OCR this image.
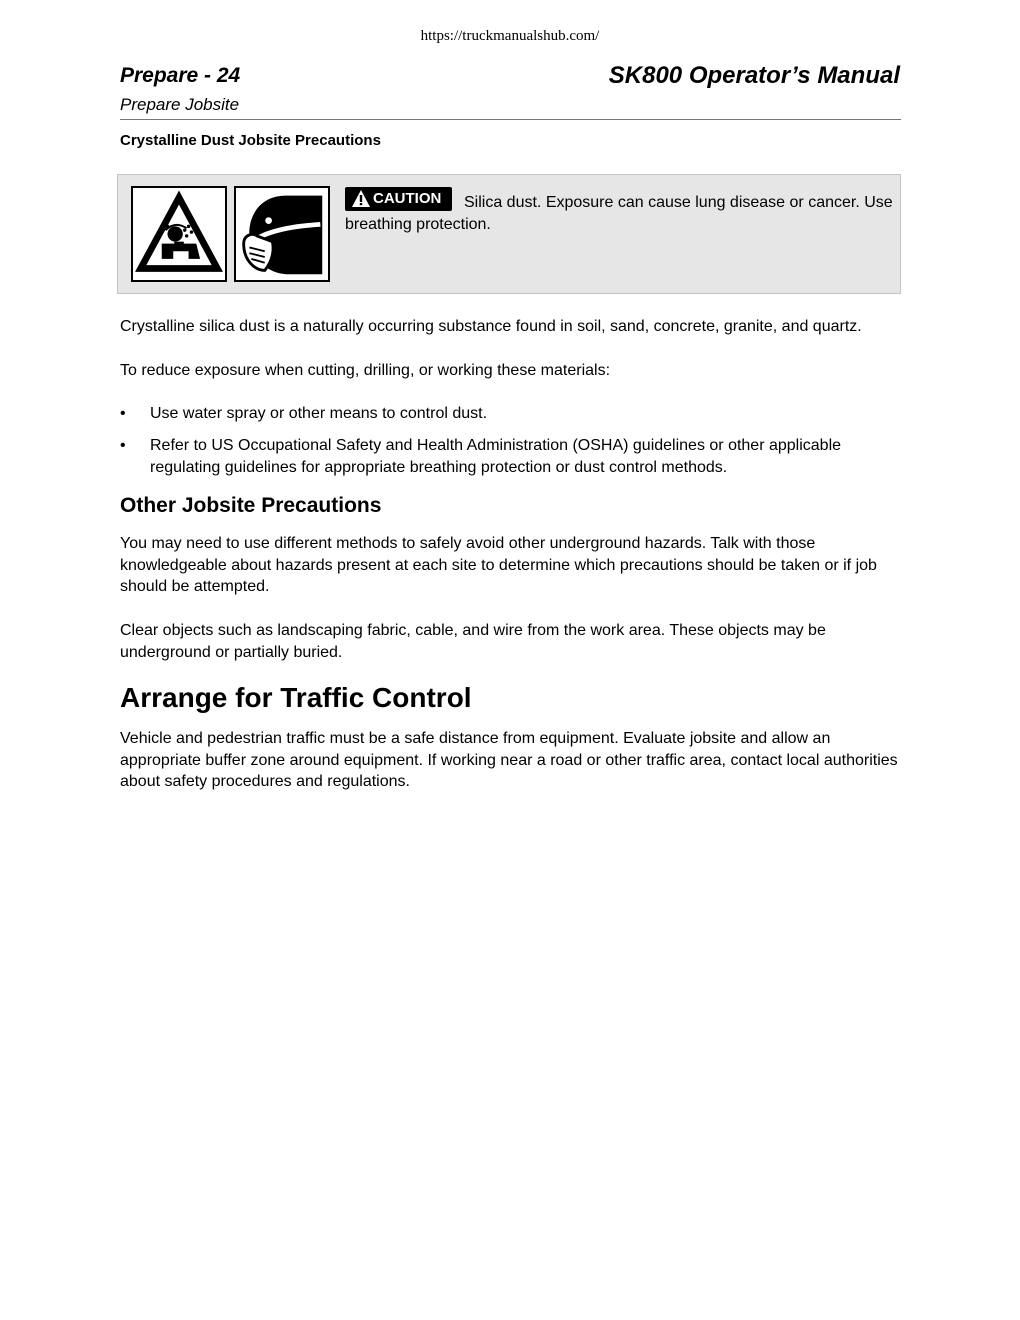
https://truckmanualshub.com/
Prepare - 24
Prepare Jobsite
SK800 Operator’s Manual
Crystalline Dust Jobsite Precautions
CAUTION	Silica dust. Exposure can cause lung disease or cancer. Use breathing protection.
Crystalline silica dust is a naturally occurring substance found in soil, sand, concrete, granite, and quartz.
To reduce exposure when cutting, drilling, or working these materials:
• Use water spray or other means to control dust.
• Refer to US Occupational Safety and Health Administration (OSHA) guidelines or other applicable regulating guidelines for appropriate breathing protection or dust control methods.
Other Jobsite Precautions
You may need to use different methods to safely avoid other underground hazards. Talk with those knowledgeable about hazards present at each site to determine which precautions should be taken or if job should be attempted.
Clear objects such as landscaping fabric, cable, and wire from the work area. These objects may be underground or partially buried.
Arrange for Traffic Control
Vehicle and pedestrian traffic must be a safe distance from equipment. Evaluate jobsite and allow an appropriate buffer zone around equipment. If working near a road or other traffic area, contact local authorities about safety procedures and regulations.
